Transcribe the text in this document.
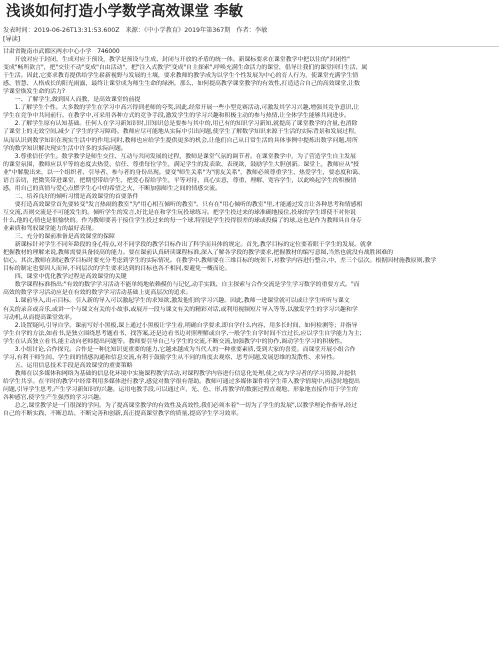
浅谈如何打造小学数学高效课堂 李敏
发表时间：2019-06-26T13:31:53.600Z 来源：《中小学教育》2019年第367期 作者：李敏
[导读]
甘肃省陇南市武都区两水中心小学　746000
　　开放对应于封闭，生成对应于预设，教学是预设与生成、封闭与开放的矛盾的统一体。新课标要求在课堂教学中把以往的"封闭性"
变成"畅所欲言"，把"交往不动"变成"自由活动"，把"注入式教学"变成"自主探索",呼唤充满生命活力的课堂，倡导让我们的课堂回归生活、属
于生活。因此,它要求教育提供给学生崭新视野与发展的土壤，要求教师的教学成为以学生个性发展为中心的育人行为，使课堂充满学生情
感、智慧、人格成长的阳光雨露，最终让课堂成为师生生命的绿洲。那么，如何提高教学课堂教学的有效性,打造适合自己的高效课堂,让数
学课堂焕发生命的活力?
　　一、了解学生,做到因人而教，是高效课堂的前提
　　1.了解学生个性。大多数的学生在学习中高兴得到老师的夸奖,因此,经常开展一些小型竞赛活动,可激发其学习兴趣,增强其竞争意识,让
学生在竞争中共同前行。在教学中,可采用各种方式的竞争手段,激发学生的学习兴趣和积极主动的参与热情,让全体学生能够共同进步。
　　2.了解学生原有认知基础。任何人在学习新知识时,旧知识总是要参与其中的,用已有的知识学习新知,就提高了课堂教学的含量,也消除
了课堂上的无效空间,减少了学生的学习障碍。教师应尽可能地从实际中引出问题,使学生了解数学知识来源于生活的实际背景和发展过程，
从而认识到数学知识在现实生活中的作用;同时,教师也应给学生提供更多的机会,让他们自己从日常生活的具体事例中提炼出数学问题,用所
学的数学知识解决现实生活中许多的实际问题。
　　3.尊重信任学生。数学教学是师生交往、互动与共同发展的过程，教师是课堂气氛的调节者。在课堂教学中，为了营造学生自主发展
的课堂氛围，教师应以平等的态度去热爱、信任、尊重每位学生，满足学生的发表欲、表现欲，鼓励学生大胆创新。课堂上，教师应从"授
业"中解脱出来，以一个组织者、引导者、参与者的身份出现。要变"师生关系"为"朋友关系"，教师必须尊重学生、热爱学生，要态度和蔼、
语言亲切，把微笑带进课堂，把期望带给学生，把爱心留给学生，平等对待，真心实意，尊重、理解、宽容学生，以此唤起学生的积极情
感，用自己的真情与爱心点燃学生心中的希望之火，不断加强师生之间的情感交流。
　　二、培养良好的倾听习惯是高效课堂的首要条件
　　要打造高效课堂首先要转变"发言热闹的教室"为"用心相互倾听的教室"。只有在"用心倾听的教室"里,才能通过发言让各种思考和情感相
互交流,否则交流是不可能发生的。倾听学生的发言,好比是在和学生玩投球练习。把学生投过来的球准确地接住,投球的学生即使不对你说
什么,他的心情也是很愉快的。作为教师要善于接住学生投过来的每一个球,特别是学生投得很差的球或投偏了的球,这也是作为教师具自身专
业素质和驾驭课堂能力的最好表现。
　　三、充分的课前准备是高效课堂的保障
　　新课标针对学生不同年龄段的身心特点,对不同学段的教学目标作出了科学而具体的规定。首先,教学目标的定位要着眼于学生的发展。就拿
把握教材的理解来说,教师需要具备较高的能力。要在课前认真研读课程标准,深入了解各学段的教学要求,把握教材的编写意图,当然也就没有战胜困难的
信心。其次,教师在制定教学目标时要充分考虑到学生的实际情况。在教学中,教师要在三维目标的统领下,对教学内容进行整合,中、差三个层次。根据因材施教原则,教学
目标的制定也要因人而异,不同层次的学生要求达到的目标也各不相同,要避免一概而论。
　　四、课堂中优化教学过程是高效课堂的关键
　　数学课程标准指出:"有效的数学学习活动不能单纯地依赖模仿与记忆,动手实践、自主探索与合作交流是学生学习数学的重要方式。"而
高效的数学学习活动应是在有效的数学学习活动基础上更高层次的追求。
　　1.课前导入,出示目标。引入新的导入可以激起学生的求知欲,激发他们的学习兴趣。因此,教师一进课堂就可以或让学生听听与课文
有关的录音或音乐,或讲一个与课文有关的小故事,或展开一段与课文有关的精彩对话,或利用视频短片导入等等,以激发学生的学习兴趣和学
习动机,从而提高课堂效率。
　　2.设置疑问,引导自学。课前写好小黑板,课上通过小黑板让学生看,明确自学要求,即自学什么内容、用多长时间、如何检测等；并指导
学生自学的方法,如看书,是独立围绕思考题看书、找答案,还是边看书边对照理解或自学,一般学生自学时间不宜过长,应以学生自学能力为主;
学生在认真独立看书,能主动向老师提出问题等。教师要引导自己与学生的交流,不断交流,加强教学中的协作,调动学生学习的积极性。
　　3.小组讨论,合作探究。合作是一种比知识更重要的能力,它越来越成为当代人的一种重要素质,受到大家的喜爱。而课堂开展小组合作
学习,有利于师生间、学生间的情感沟通和信息交流,有利于鼓励学生从不同的角度去观察、思考问题,发展思维的发散性、求异性。
　　五、运用信息技术手段是高效课堂的重要策略
　　教师在以多媒体和网络为基础的信息化环境中实施课程教学活动,对课程教学内容进行信息化处理,使之成为学习者的学习资源,并提供
给学生共享。在平时的教学中经常利用多媒体进行教学,感觉对数学很有帮助。教师可通过多媒体课件将学生带入教学情境中,再适时地提出
问题,引导学生思考,产生学习新知识的兴趣。运用电教手段,可以通过声、光、色、形,将教学的数据过程直观地、形象地直接作用于学生的
各种感官,使学生产生强烈的学习兴趣。
　　总之,课堂教学是一门很深的学问。为了提高课堂教学的有效性及高效性,我们必须本着"一切为了学生的发展",以教学理论作指导,经过
自己的不断实践、不断总结、不断完善和创新,真正提高课堂教学的质量,提高学生学习效率。
